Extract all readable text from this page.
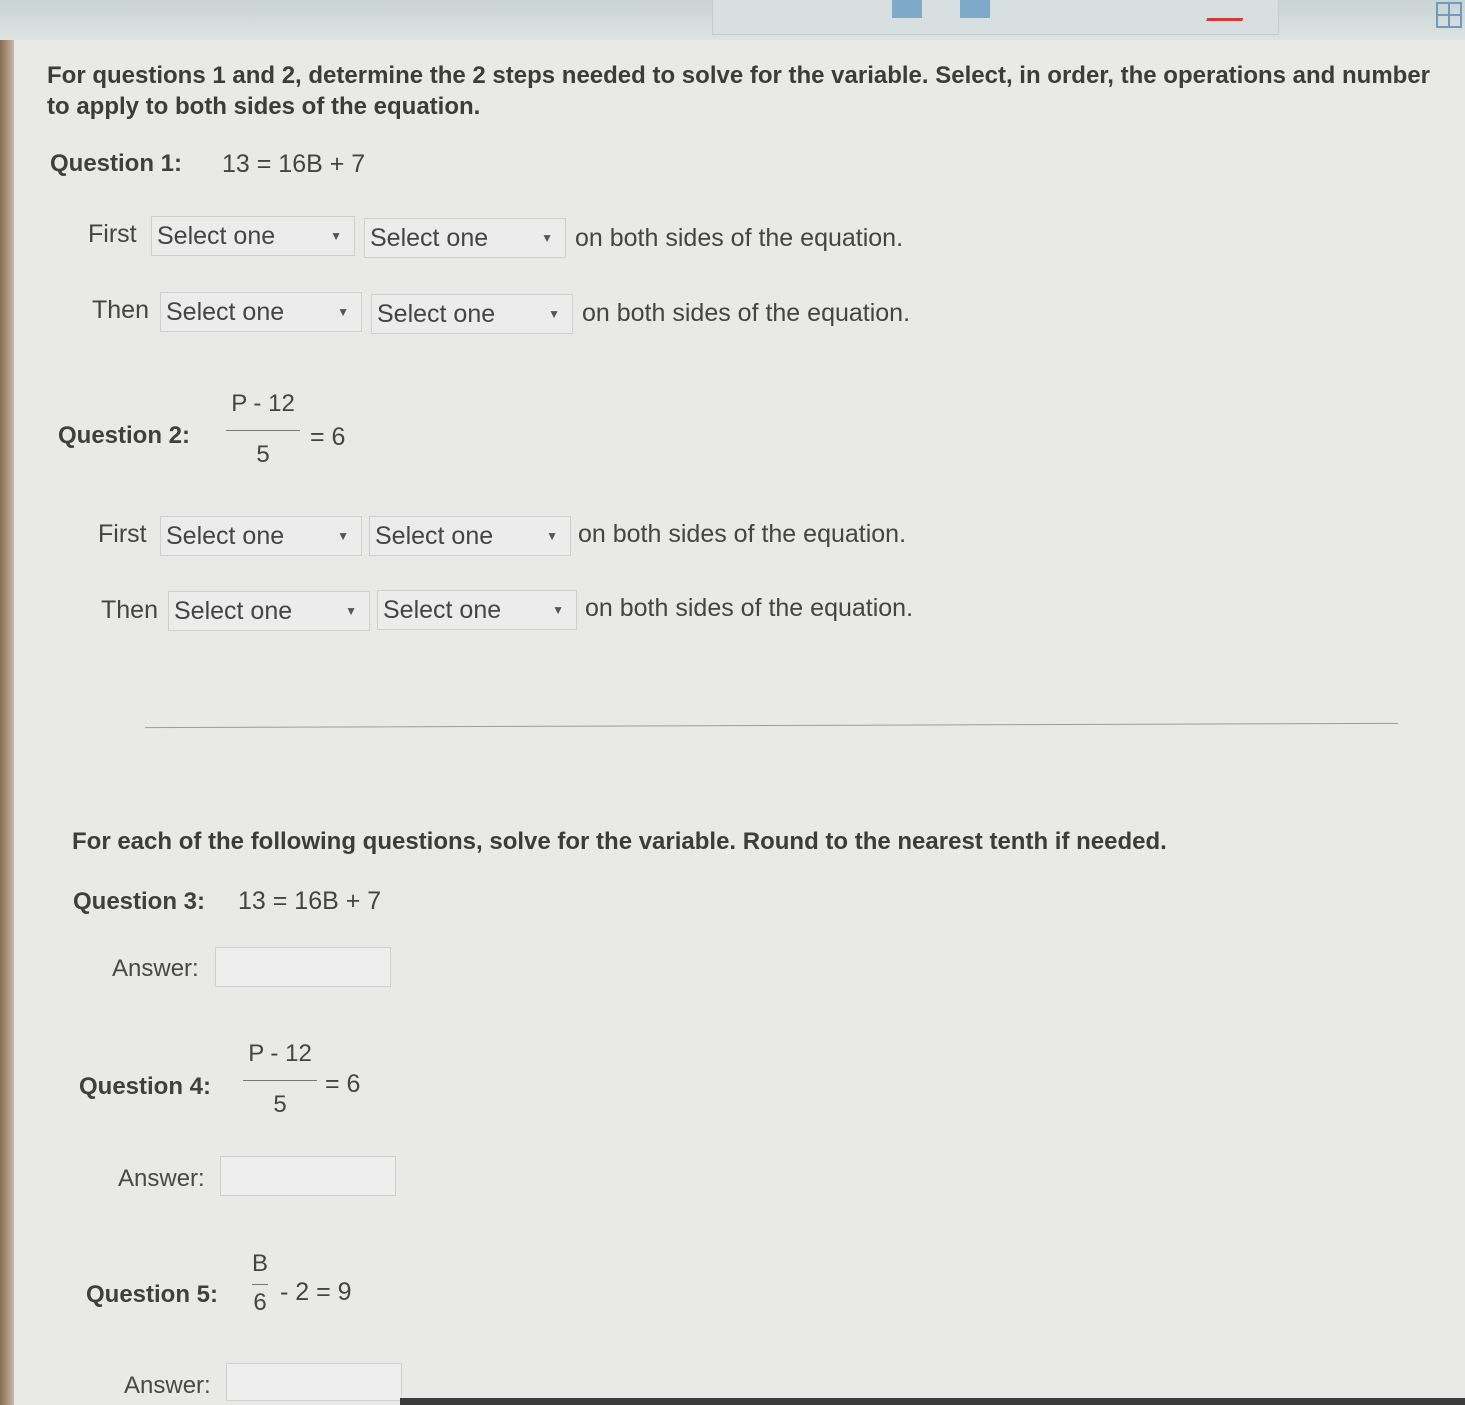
For questions 1 and 2, determine the 2 steps needed to solve for the variable. Select, in order, the operations and number to apply to both sides of the equation.
Question 1: 13 = 16B + 7
First Select one	▼ Select one	▼ on both sides of the equation.
Then Select one	▼ Select one	▼ on both sides of the equation.
Question 2:
P - 12
5
= 6
First Select one	▼ Select one	▼ on both sides of the equation.
Then Select one	▼ Select one	▼ on both sides of the equation.
For each of the following questions, solve for the variable. Round to the nearest tenth if needed.
Question 3: 13 = 16B + 7
Answer:
Question 4:
P - 12
5
= 6
Answer:
Question 5:
B
6 - 2 = 9
Answer:
